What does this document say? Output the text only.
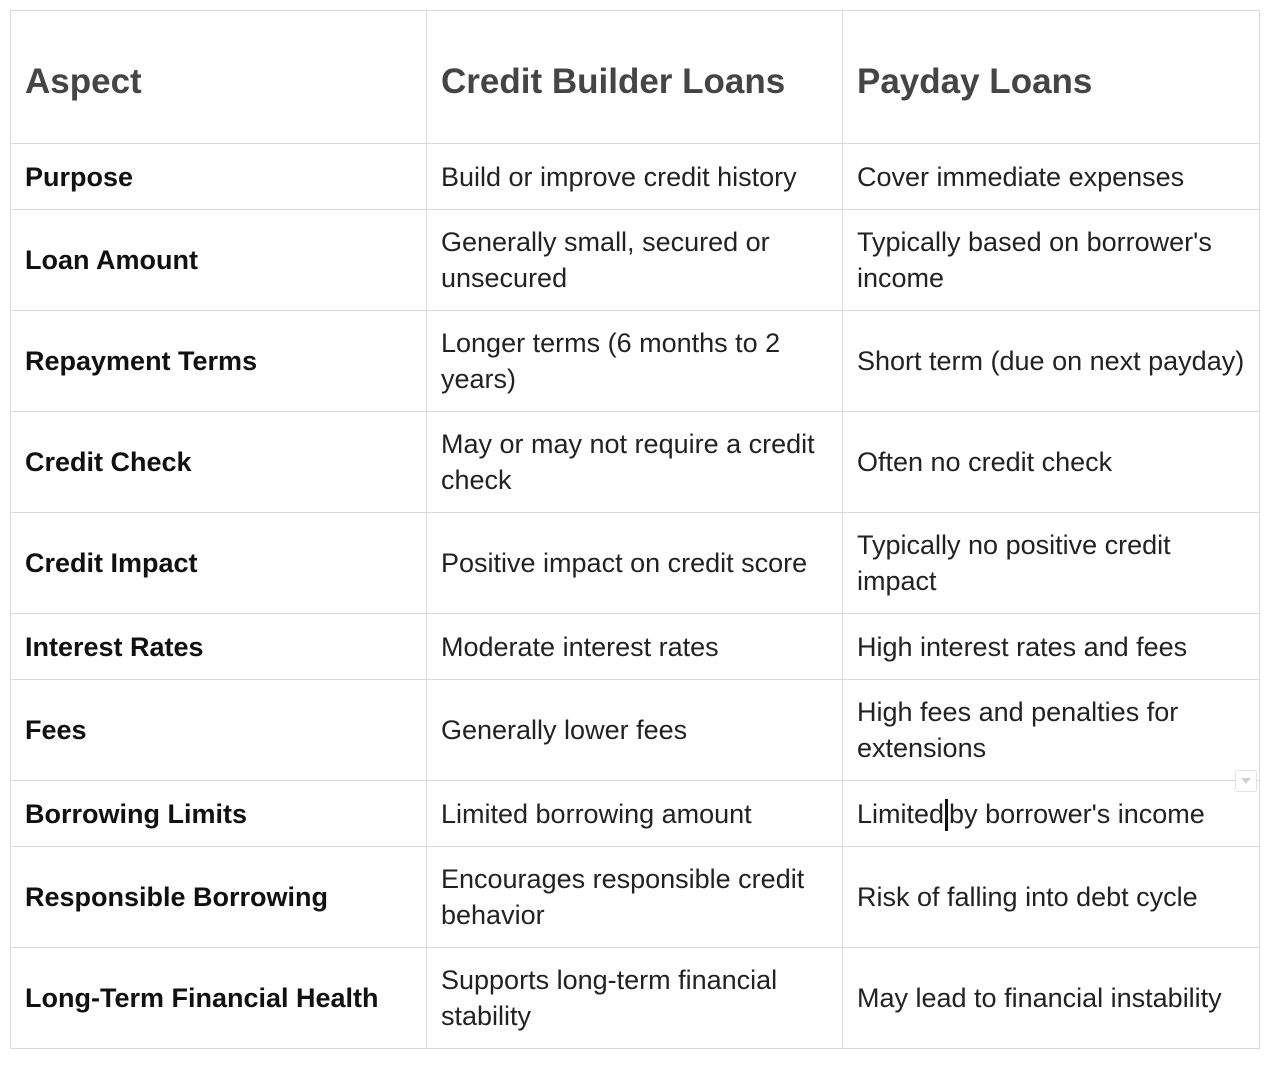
Aspect	Credit Builder Loans	Payday Loans
Purpose	Build or improve credit history	Cover immediate expenses
Loan Amount	Generally small, secured or unsecured	Typically based on borrower's income
Repayment Terms	Longer terms (6 months to 2 years)	Short term (due on next payday)
Credit Check	May or may not require a credit check	Often no credit check
Credit Impact	Positive impact on credit score	Typically no positive credit impact
Interest Rates	Moderate interest rates	High interest rates and fees
Fees	Generally lower fees	High fees and penalties for extensions
Borrowing Limits	Limited borrowing amount	Limited by borrower's income

Responsible Borrowing	Encourages responsible credit behavior	Risk of falling into debt cycle
Long-Term Financial Health	Supports long-term financial stability	May lead to financial instability
